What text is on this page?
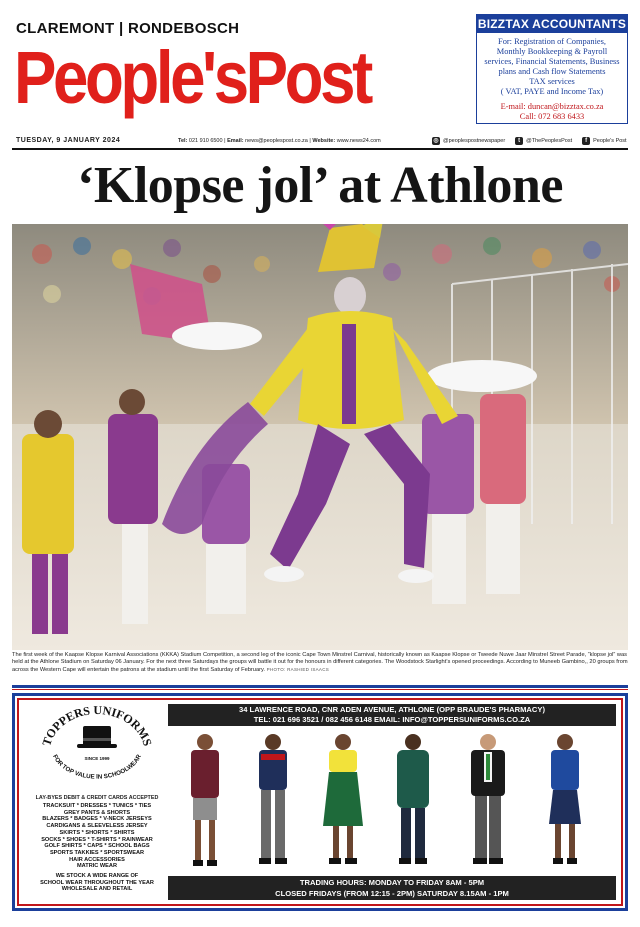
CLAREMONT | RONDEBOSCH
People'sPost
TUESDAY, 9 JANUARY 2024	Tel: 021 910 6500 | Email: news@peoplespost.co.za | Website: www.news24.com	◎ @peoplespostnewspaper	t	@ThePeoplesPost	f	People's Post
BIZZTAX ACCOUNTANTS
For: Registration of Companies,
Monthly Bookkeeping & Payroll
services, Financial Statements, Business
plans and Cash flow Statements
TAX services
( VAT, PAYE and Income Tax)
E-mail: duncan@bizztax.co.za
Call: 072 683 6433
‘Klopse jol’ at Athlone
The first week of the Kaapse Klopse Karnival Associations (KKKA) Stadium Competition, a second leg of the iconic Cape Town Minstrel Carnival, historically known as Kaapse Klopse or Tweede Nuwe Jaar Minstrel Street Parade, “klopse jol” was held at the Athlone Stadium on Saturday 06 January. For the next three Saturdays the groups will battle it out for the honours in different categories. The Woodstock Starlight’s opened proceedings. According to Muneeb Gambino,, 20 groups from across the Western Cape will entertain the patrons at the stadium until the first Saturday of February. PHOTO: RASHIED ISAACS
TOPPERS UNIFORMS
FOR TOP VALUE IN SCHOOLWEAR
SINCE 1999
LAY-BYES DEBIT & CREDIT CARDS ACCEPTED
TRACKSUIT * DRESSES * TUNICS * TIES
GREY PANTS & SHORTS
BLAZERS * BADGES * V-NECK JERSEYS
CARDIGANS & SLEEVELESS JERSEY
SKIRTS * SHORTS * SHIRTS
SOCKS * SHOES * T-SHIRTS * RAINWEAR
GOLF SHIRTS * CAPS * SCHOOL BAGS
SPORTS TAKKIES * SPORTSWEAR
HAIR ACCESSORIES
MATRIC WEAR
WE STOCK A WIDE RANGE OF
SCHOOL WEAR THROUGHOUT THE YEAR
WHOLESALE AND RETAIL
34 LAWRENCE ROAD, CNR ADEN AVENUE, ATHLONE (OPP BRAUDE'S PHARMACY)
TEL: 021 696 3521 / 082 456 6148 EMAIL: INFO@TOPPERSUNIFORMS.CO.ZA
TRADING HOURS: MONDAY TO FRIDAY 8AM - 5PM
CLOSED FRIDAYS (FROM 12:15 - 2PM) SATURDAY 8.15AM - 1PM
